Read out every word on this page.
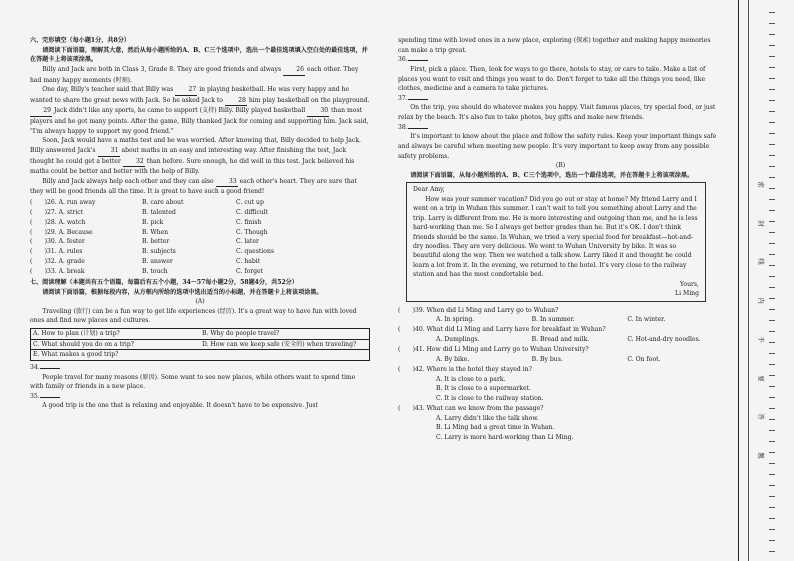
六、完形填空（每小题1分，共8分）

请阅读下面语篇，理解其大意，然后从每小题所给的A、B、C三个选项中，选出一个最佳选项填入空白处的最佳选项，并在答题卡上将该项涂黑。

Billy and Jack are both in Class 3, Grade 8. They are good friends and always 26 each other. They had many happy moments (时刻).

One day, Billy's teacher said that Billy was 27 in playing basketball. He was very happy and he wanted to share the great news with Jack. So he asked Jack to 28 him play basketball on the playground. 29 Jack didn't like any sports, he came to support (支持) Billy. Billy played basketball 30 than most players and he got many points. After the game, Billy thanked Jack for coming and supporting him. Jack said, "I'm always happy to support my good friend."

Soon, Jack would have a maths test and he was worried. After knowing that, Billy decided to help Jack. Billy answered Jack's 31 about maths in an easy and interesting way. After finishing the test, Jack thought he could get a better 32 than before. Sure enough, he did well in this test. Jack believed his maths could be better and better with the help of Billy.

Billy and Jack always help each other and they can also 33 each other's heart. They are sure that they will be good friends all the time. It is great to have such a good friend!

(　　)26. A. run away	B. care about	C. cut up
(　　)27. A. strict	B. talented	C. difficult
(　　)28. A. watch	B. pick	C. finish
(　　)29. A. Because	B. When	C. Though
(　　)30. A. fester	B. better	C. later
(　　)31. A. rules	B. subjects	C. questions
(　　)32. A. grade	B. answer	C. habit
(　　)33. A. break	B. touch	C. forget

七、阅读理解（本题共有五个语篇，每篇后有五个小题，34～57每小题2分，58题4分，共52分）

请阅读下面语篇，根据每段内容，从方框内所给的选项中选出适当的小标题，并在答题卡上将该项涂黑。

(A)

Traveling (旅行) can be a fun way to get life experiences (经历). It's a great way to have fun with loved ones and find new places and cultures.

A. How to plan (计划) a trip?	B. Why do people travel?
C. What should you do on a trip?	D. How can we keep safe (安全的) when traveling?
E. What makes a good trip?

34.

People travel for many reasons (原因). Some want to see new places, while others want to spend time with family or friends in a new place.

35.

A good trip is the one that is relaxing and enjoyable. It doesn't have to be expensive. Just

spending time with loved ones in a new place, exploring (探索) together and making happy memories can make a trip great.

36.

First, pick a place. Then, look for ways to go there, hotels to stay, or cars to take. Make a list of places you want to visit and things you want to do. Don't forget to take all the things you need, like clothes, medicine and a camera to take pictures.

37.

On the trip, you should do whatever makes you happy. Visit famous places, try special food, or just relax by the beach. It's also fun to take photos, buy gifts and make new friends.

38.

It's important to know about the place and follow the safety rules. Keep your important things safe and always be careful when meeting new people. It's very important to keep away from any possible safety problems.

(B)

请阅读下面语篇，从每小题所给的A、B、C三个选项中，选出一个最佳选项，并在答题卡上将该项涂黑。

Dear Amy,

How was your summer vacation? Did you go out or stay at home? My friend Larry and I went on a trip in Wuhan this summer. I can't wait to tell you something about Larry and the trip. Larry is different from me. He is more interesting and outgoing than me, and he is less hard-working than me. So I always get better grades than he. But it's OK. I don't think friends should be the same. In Wuhan, we tried a very special food for breakfast—hot-and-dry noodles. They are very delicious. We went to Wuhan University by bike. It was so beautiful along the way. Then we watched a talk show. Larry liked it and thought he could learn a lot from it. In the evening, we returned to the hotel. It's very close to the railway station and has the most comfortable bed.

Yours,

Li Ming

(　　)39. When did Li Ming and Larry go to Wuhan?

A. In spring.	B. In summer.	C. In winter.

(　　)40. What did Li Ming and Larry have for breakfast in Wuhan?

A. Dumplings.	B. Bread and milk.	C. Hot-and-dry noodles.

(　　)41. How did Li Ming and Larry go to Wuhan University?

A. By bike.	B. By bus.	C. On foot.

(　　)42. Where is the hotel they stayed in?

A. It is close to a park.

B. It is close to a supermarket.

C. It is close to the railway station.

(　　)43. What can we know from the passage?

A. Larry didn't like the talk show.

B. Li Ming had a great time in Wuhan.

C. Larry is more hard-working than Li Ming.

密
封
线
内
不
要
答
题
